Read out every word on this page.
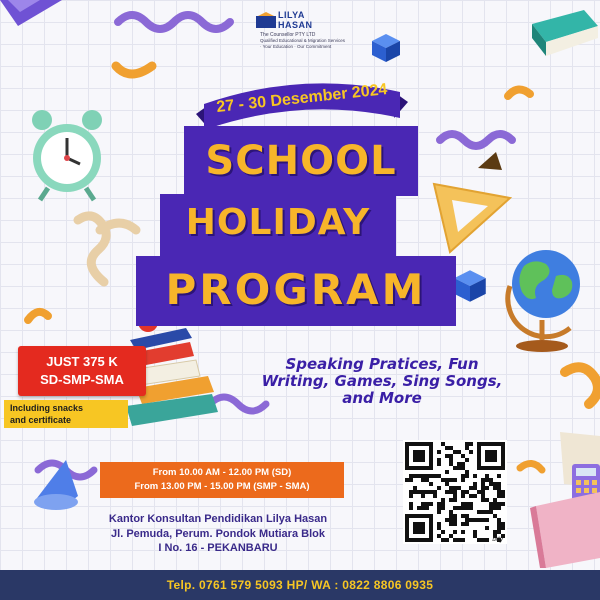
LILYA
HASAN
The Counsellor PTY LTD
Qualified Educational & Migration Services · Your Education · Our Commitment
27 - 30 Desember 2024
SCHOOL
HOLIDAY
PROGRAM
Speaking Pratices, Fun
Writing, Games, Sing Songs,
and More
JUST 375 K
SD-SMP-SMA
Including snacks
and certificate
From 10.00 AM - 12.00 PM (SD)
From 13.00 PM - 15.00 PM (SMP - SMA)
Kantor Konsultan Pendidikan Lilya Hasan
Jl. Pemuda, Perum. Pondok Mutiara Blok
I No. 16 - PEKANBARU
bitly
Telp. 0761 579 5093 HP/ WA : 0822 8806 0935
